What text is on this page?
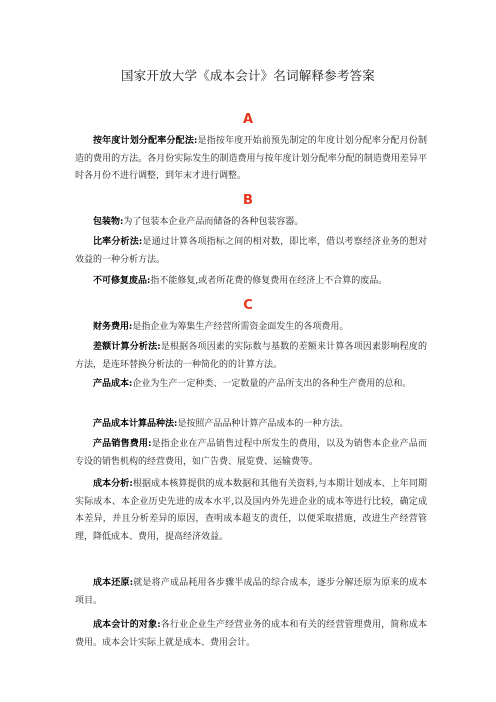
国家开放大学《成本会计》名词解释参考答案
A

按年度计划分配率分配法:是指按年度开始前预先制定的年度计划分配率分配月份制造的费用的方法。各月份实际发生的制造费用与按年度计划分配率分配的制造费用差异平时各月份不进行调整，到年末才进行调整。

B

包装物:为了包装本企业产品而储备的各种包装容器。

比率分析法:是通过计算各项指标之间的相对数，即比率，借以考察经济业务的想对效益的一种分析方法。

不可修复废品:指不能修复,或者所花费的修复费用在经济上不合算的废品。

C

财务费用:是指企业为筹集生产经营所需资金面发生的各项费用。

差额计算分析法:是根据各项因素的实际数与基数的差额来计算各项因素影响程度的方法，是连环替换分析法的一种简化的的计算方法。

产品成本:企业为生产一定种类、一定数量的产品所支出的各种生产费用的总和。

产品成本计算品种法:是按照产品品种计算产品成本的一种方法。

产品销售费用:是指企业在产品销售过程中所发生的费用，以及为销售本企业产品而专设的销售机构的经营费用，如广告费、展览费、运输费等。

成本分析:根据成本核算提供的成本数据和其他有关资料,与本期计划成本、上年同期实际成本、本企业历史先进的成本水平,以及国内外先进企业的成本等进行比较，确定成本差异，并且分析差异的原因，查明成本超支的责任，以便采取措施，改进生产经营管理，降低成本、费用，提高经济效益。

成本还原:就是将产成品耗用各步骤半成品的综合成本，逐步分解还原为原来的成本项目。

成本会计的对象:各行业企业生产经营业务的成本和有关的经营管理费用，简称成本费用。成本会计实际上就是成本、费用会计。
